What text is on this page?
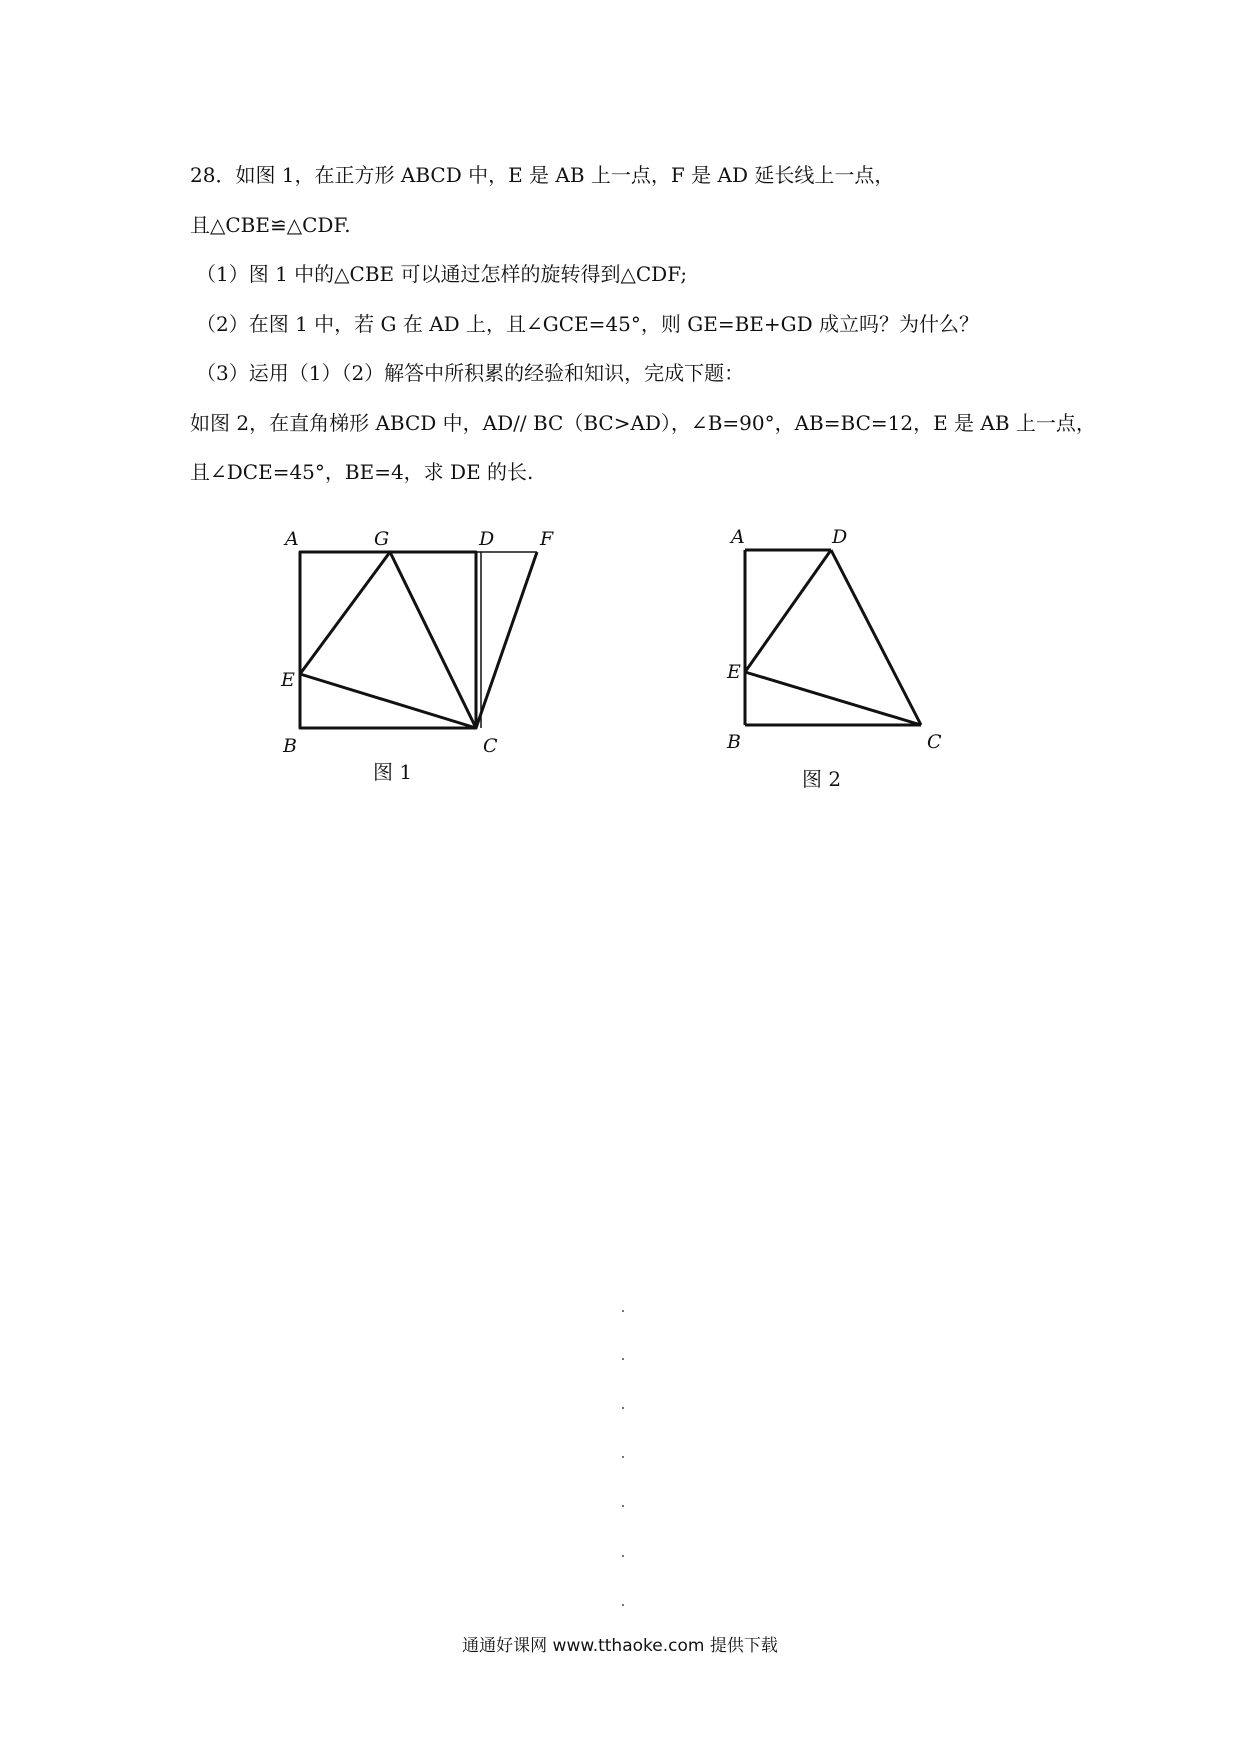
28．如图 1，在正方形 ABCD 中，E 是 AB 上一点，F 是 AD 延长线上一点，
且△CBE≌△CDF.
（1）图 1 中的△CBE 可以通过怎样的旋转得到△CDF;
（2）在图 1 中，若 G 在 AD 上，且∠GCE=45°，则 GE=BE+GD 成立吗？为什么？
（3）运用（1）（2）解答中所积累的经验和知识，完成下题：
如图 2，在直角梯形 ABCD 中，AD// BC（BC>AD），∠B=90°，AB=BC=12，E 是 AB 上一点，
且∠DCE=45°，BE=4，求 DE 的长.
A	G	D F
E
B	C
A	D
E
B	C
图 1	图 2
通通好课网 www.tthaoke.com 提供下载
